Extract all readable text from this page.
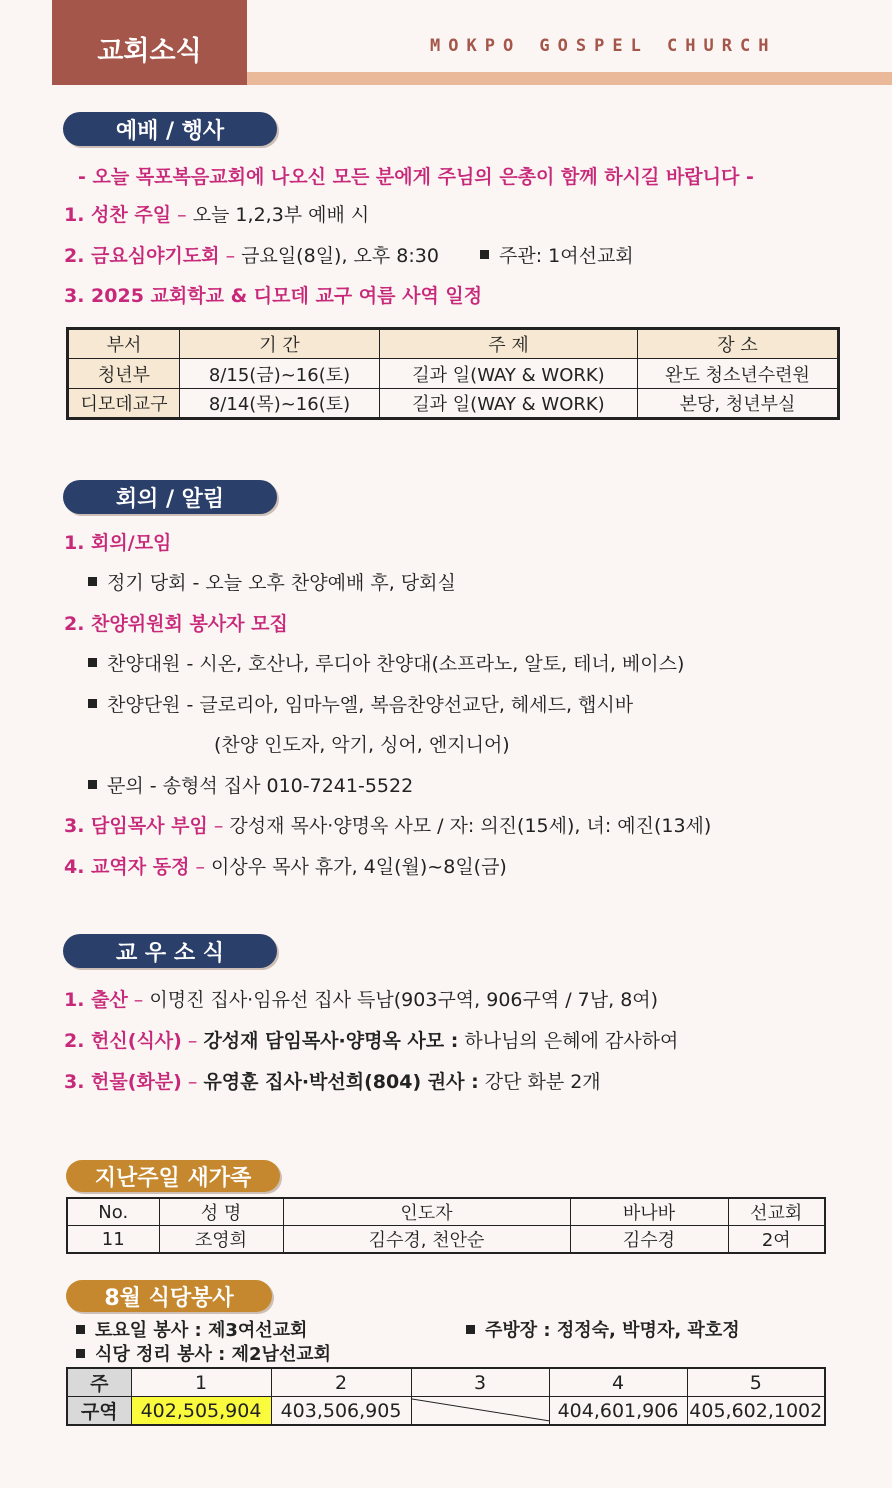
교회소식	MOKPO GOSPEL CHURCH
예배 / 행사
- 오늘 목포복음교회에 나오신 모든 분에게 주님의 은총이 함께 하시길 바랍니다 -
1. 성찬 주일 – 오늘 1,2,3부 예배 시
2. 금요심야기도회 – 금요일(8일), 오후 8:30	주관: 1여선교회
3. 2025 교회학교 & 디모데 교구 여름 사역 일정
부서	기 간	주 제	장 소
청년부	8/15(금)~16(토)	길과 일(WAY & WORK)	완도 청소년수련원
디모데교구	8/14(목)~16(토)	길과 일(WAY & WORK)	본당, 청년부실
회의 / 알림
1. 회의/모임
정기 당회 - 오늘 오후 찬양예배 후, 당회실
2. 찬양위원회 봉사자 모집
찬양대원 - 시온, 호산나, 루디아 찬양대(소프라노, 알토, 테너, 베이스)
찬양단원 - 글로리아, 임마누엘, 복음찬양선교단, 헤세드, 햅시바
(찬양 인도자, 악기, 싱어, 엔지니어)
문의 - 송형석 집사 010-7241-5522
3. 담임목사 부임 – 강성재 목사·양명옥 사모 / 자: 의진(15세), 녀: 예진(13세)
4. 교역자 동정 – 이상우 목사 휴가, 4일(월)~8일(금)
교 우 소 식
1. 출산 – 이명진 집사·임유선 집사 득남(903구역, 906구역 / 7남, 8여)
2. 헌신(식사) – 강성재 담임목사·양명옥 사모 : 하나님의 은혜에 감사하여
3. 헌물(화분) – 유영훈 집사·박선희(804) 권사 : 강단 화분 2개
지난주일 새가족
No.	성 명	인도자	바나바	선교회
11	조영희	김수경, 천안순	김수경	2여
8월 식당봉사
토요일 봉사 : 제3여선교회
식당 정리 봉사 : 제2남선교회
주방장 : 정정숙, 박명자, 곽호정
주	1	2	3	4	5
구역	402,505,904	403,506,905		404,601,906	405,602,1002
